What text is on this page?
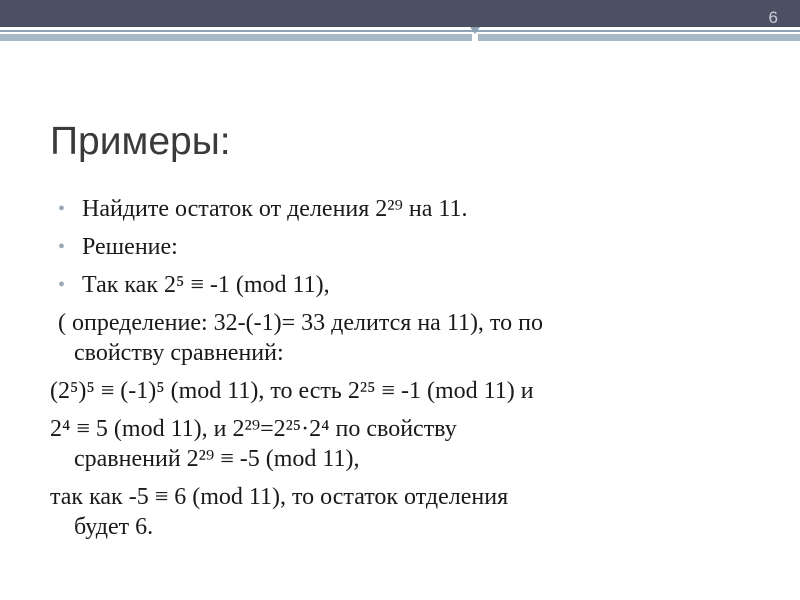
6
Примеры:
• Найдите остаток от деления 2²⁹ на 11.
• Решение:
• Так как 2⁵ ≡ -1 (mod 11),
( определение: 32-(-1)= 33 делится на 11), то по
свойству сравнений:
(2⁵)⁵ ≡ (-1)⁵ (mod 11), то есть 2²⁵ ≡ -1 (mod 11) и
2⁴ ≡ 5 (mod 11), и 2²⁹=2²⁵·2⁴ по свойству
сравнений 2²⁹ ≡ -5 (mod 11),
так как -5 ≡ 6 (mod 11), то остаток отделения
будет 6.
